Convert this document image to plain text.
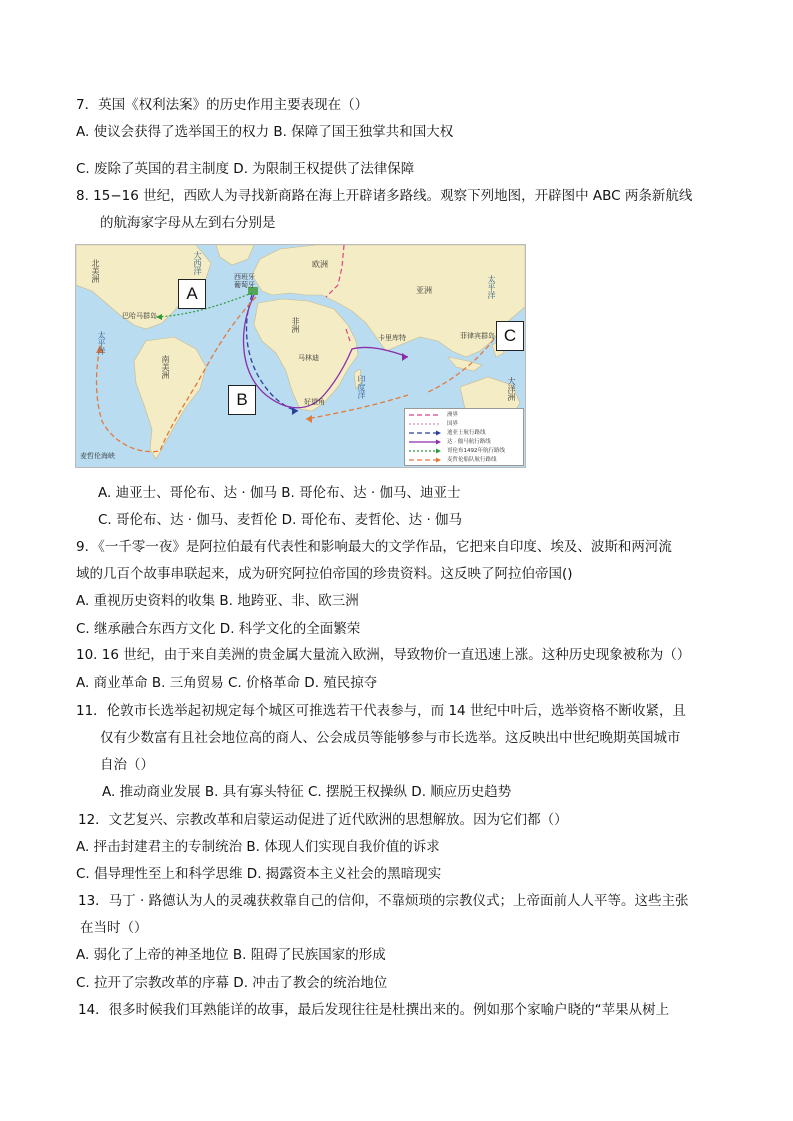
7．英国《权利法案》的历史作用主要表现在（）
A. 使议会获得了选举国王的权力 B. 保障了国王独掌共和国大权
C. 废除了英国的君主制度 D. 为限制王权提供了法律保障
8. 15−16 世纪，西欧人为寻找新商路在海上开辟诸多路线。观察下列地图，开辟图中 ABC 两条新航线
的航海家字母从左到右分别是
北美洲
南美洲
欧洲
亚洲
非洲
大洋洲
大西洋
太平洋
太平洋
印度洋
巴哈马群岛
西班牙 葡萄牙
卡里库特
马林迪
好望角
菲律宾群岛
麦哲伦海峡
A
B
C
洲界
国界
迪亚士航行路线
达 · 伽马航行路线
哥伦布1492年航行路线
麦哲伦船队航行路线
A. 迪亚士、哥伦布、达 · 伽马 B. 哥伦布、达 · 伽马、迪亚士
C. 哥伦布、达 · 伽马、麦哲伦 D. 哥伦布、麦哲伦、达 · 伽马
9．《一千零一夜》是阿拉伯最有代表性和影响最大的文学作品，它把来自印度、埃及、波斯和两河流
域的几百个故事串联起来，成为研究阿拉伯帝国的珍贵资料。这反映了阿拉伯帝国()
A. 重视历史资料的收集 B. 地跨亚、非、欧三洲
C. 继承融合东西方文化 D. 科学文化的全面繁荣
10. 16 世纪，由于来自美洲的贵金属大量流入欧洲，导致物价一直迅速上涨。这种历史现象被称为（）
A. 商业革命 B. 三角贸易 C. 价格革命 D. 殖民掠夺
11．伦敦市长选举起初规定每个城区可推选若干代表参与，而 14 世纪中叶后，选举资格不断收紧，且
仅有少数富有且社会地位高的商人、公会成员等能够参与市长选举。这反映出中世纪晚期英国城市
自治（）
A. 推动商业发展 B. 具有寡头特征 C. 摆脱王权操纵 D. 顺应历史趋势
12．文艺复兴、宗教改革和启蒙运动促进了近代欧洲的思想解放。因为它们都（）
A. 抨击封建君主的专制统治 B. 体现人们实现自我价值的诉求
C. 倡导理性至上和科学思维 D. 揭露资本主义社会的黑暗现实
13．马丁 · 路德认为人的灵魂获救靠自己的信仰，不靠烦琐的宗教仪式；上帝面前人人平等。这些主张
在当时（）
A. 弱化了上帝的神圣地位 B. 阻碍了民族国家的形成
C. 拉开了宗教改革的序幕 D. 冲击了教会的统治地位
14．很多时候我们耳熟能详的故事，最后发现往往是杜撰出来的。例如那个家喻户晓的“苹果从树上
